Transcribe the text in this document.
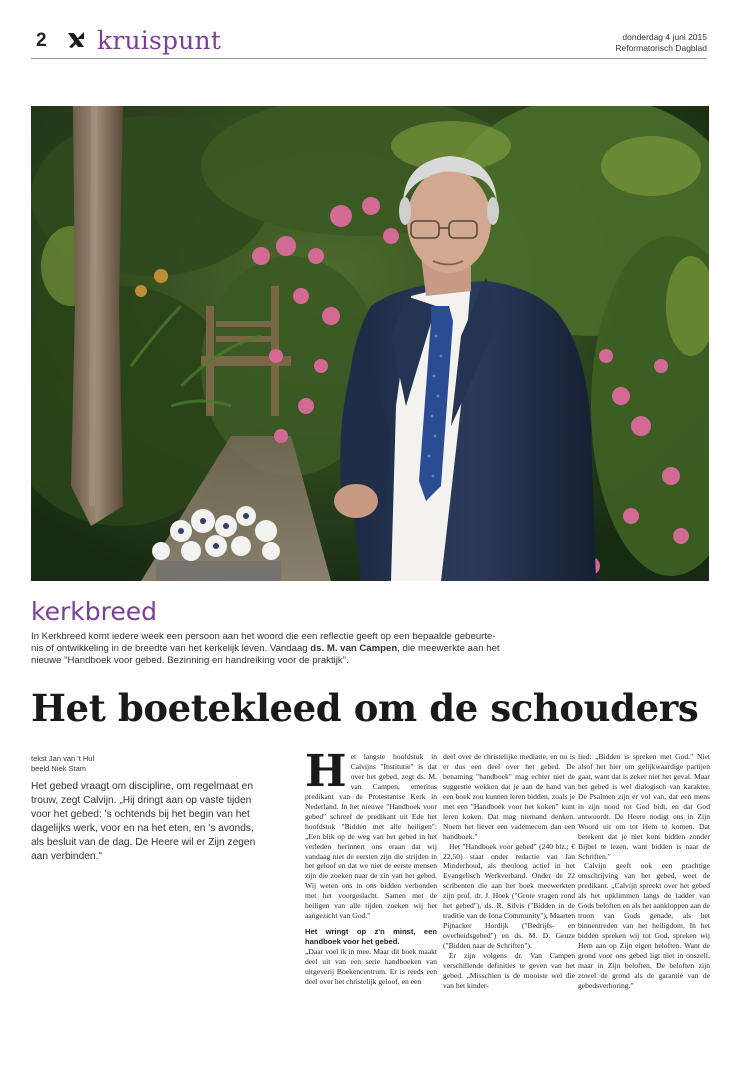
2 kruispunt	donderdag 4 juni 2015
Reformatorisch Dagblad
kerkbreed
In Kerkbreed komt iedere week een persoon aan het woord die een reflectie geeft op een bepaalde gebeurte-
nis of ontwikkeling in de breedte van het kerkelijk leven. Vandaag ds. M. van Campen, die meewerkte aan het
nieuwe "Handboek voor gebed. Bezinning en handreiking voor de praktijk".
Het boetekleed om de schouders
tekst Jan van 't Hul
beeld Niek Stam

Het gebed vraagt om discipline, om regelmaat en trouw, zegt Calvijn. „Hij dringt aan op vaste tijden voor het gebed: 's ochtends bij het begin van het dagelijks werk, voor en na het eten, en 's avonds, als besluit van de dag. De Heere wil er Zijn zegen aan verbinden."

H et langste hoofdstuk in Calvijns "Institutie" is dat over het gebed, zegt ds. M. van Campen, emeritus predikant van de Protestantse Kerk in Nederland. In het nieuwe "Handboek voor gebed" schreef de predikant uit Ede het hoofdstuk "Bidden met alle heiligen": „Een blik op de weg van het gebed in het verleden herinnert ons eraan dat wij vandaag niet de eersten zijn die strijden in het geloof en dat we niet de eerste mensen zijn die zoeken naar de zin van het gebed. Wij weten ons in ons bidden verbonden met het voorgeslacht. Samen met de heiligen van alle tijden zoeken wij het aangezicht van God."

Het wringt op z'n minst, een handboek voor het gebed.

„Daar voel ik in mee. Maar dit boek maakt deel uit van een serie handboeken van uitgeverij Boekencentrum. Er is reeds een deel over het christelijk geloof, en een

deel over de christelijke mediatie, en nu is er dus een deel over het gebed. De benaming "handboek" mag echter niet de suggestie wekken dat je aan de hand van een boek zou kunnen leren bidden, zoals je met een "Handboek voor het koken" kunt leren koken. Dat mag niemand denken. Noem het liever een vademecum dan een handboek."

Het "Handboek voor gebed" (240 blz.; € 22,50) staat onder redactie van Jan Minderhoud, als theoloog actief in het Evangelisch Werkverband. Onder de 22 scribenten die aan het boek meewerkten zijn prof. dr. J. Hoek ("Grote vragen rond het gebed"), ds. R. Silvis ("Bidden in de traditie van de Iona Community"), Maarten Pijnacker Hordijk ("Bedrijfs- en overheidsgebed") en ds. M. D. Geuze ("Bidden naar de Schriften").

Er zijn volgens dr. Van Campen verschillende definities te geven van het gebed. „Misschien is de mooiste wel die van het kinder-

lied: „Bidden is spreken met God." Niet alsof het hier om gelijkwaardige partijen gaat, want dat is zeker niet het geval. Maar het gebed is wel dialogisch van karakter. De Psalmen zijn er vol van, dat een mens in zijn nood tot God bidt, en dat God antwoordt. De Heere nodigt ons in Zijn Woord uit om tot Hem te komen. Dat betekent dat je niet kunt bidden zonder Bijbel te lezen, want bidden is naar de Schriften."

Calvijn geeft ook een prachtige omschrijving van het gebed, weet de predikant. „Calvijn spreekt over het gebed als het opklimmen langs de ladder van Gods beloften en als het aankloppen aan de troon van Gods genade, als het binnentreden van het heiligdom. In het bidden spreken wij tot God, spreken wij Hem aan op Zijn eigen beloften. Want de grond voor ons gebed ligt niet in onszelf, maar in Zijn beloften. De beloften zijn zowel de grond als de garantie van de gebedsverhoring."
